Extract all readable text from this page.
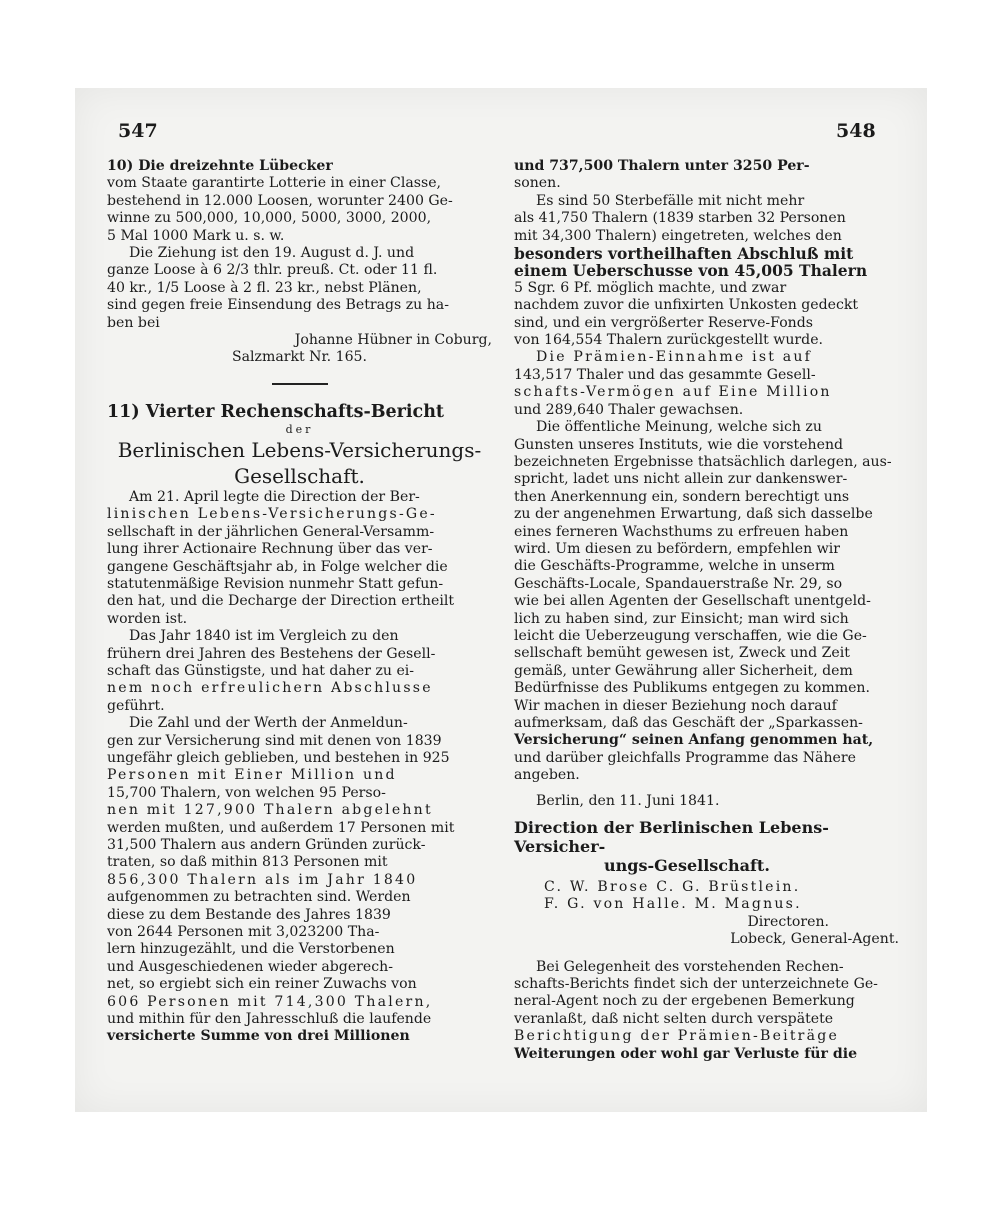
547	548

10) Die dreizehnte Lübecker

vom Staate garantirte Lotterie in einer Classe,

bestehend in 12.000 Loosen, worunter 2400 Ge-

winne zu 500,000, 10,000, 5000, 3000, 2000,

5 Mal 1000 Mark u. s. w.

Die Ziehung ist den 19. August d. J. und

ganze Loose à 6 2/3 thlr. preuß. Ct. oder 11 fl.

40 kr., 1/5 Loose à 2 fl. 23 kr., nebst Plänen,

sind gegen freie Einsendung des Betrags zu ha-

ben bei

Johanne Hübner in Coburg,

Salzmarkt Nr. 165.

11) Vierter Rechenschafts-Bericht

der

Berlinischen Lebens-Versicherungs-

Gesellschaft.

Am 21. April legte die Direction der Ber-

linischen Lebens-Versicherungs-Ge-

sellschaft in der jährlichen General-Versamm-

lung ihrer Actionaire Rechnung über das ver-

gangene Geschäftsjahr ab, in Folge welcher die

statutenmäßige Revision nunmehr Statt gefun-

den hat, und die Decharge der Direction ertheilt

worden ist.

Das Jahr 1840 ist im Vergleich zu den

frühern drei Jahren des Bestehens der Gesell-

schaft das Günstigste, und hat daher zu ei-

nem noch erfreulichern Abschlusse

geführt.

Die Zahl und der Werth der Anmeldun-

gen zur Versicherung sind mit denen von 1839

ungefähr gleich geblieben, und bestehen in 925

Personen mit Einer Million und

15,700 Thalern, von welchen 95 Perso-

nen mit 127,900 Thalern abgelehnt

werden mußten, und außerdem 17 Personen mit

31,500 Thalern aus andern Gründen zurück-

traten, so daß mithin 813 Personen mit

856,300 Thalern als im Jahr 1840

aufgenommen zu betrachten sind. Werden

diese zu dem Bestande des Jahres 1839

von 2644 Personen mit 3,023200 Tha-

lern hinzugezählt, und die Verstorbenen

und Ausgeschiedenen wieder abgerech-

net, so ergiebt sich ein reiner Zuwachs von

606 Personen mit 714,300 Thalern,

und mithin für den Jahresschluß die laufende

versicherte Summe von drei Millionen

und 737,500 Thalern unter 3250 Per-

sonen.

Es sind 50 Sterbefälle mit nicht mehr

als 41,750 Thalern (1839 starben 32 Personen

mit 34,300 Thalern) eingetreten, welches den

besonders vortheilhaften Abschluß mit

einem Ueberschusse von 45,005 Thalern

5 Sgr. 6 Pf. möglich machte, und zwar

nachdem zuvor die unfixirten Unkosten gedeckt

sind, und ein vergrößerter Reserve-Fonds

von 164,554 Thalern zurückgestellt wurde.

Die Prämien-Einnahme ist auf

143,517 Thaler und das gesammte Gesell-

schafts-Vermögen auf Eine Million

und 289,640 Thaler gewachsen.

Die öffentliche Meinung, welche sich zu

Gunsten unseres Instituts, wie die vorstehend

bezeichneten Ergebnisse thatsächlich darlegen, aus-

spricht, ladet uns nicht allein zur dankenswer-

then Anerkennung ein, sondern berechtigt uns

zu der angenehmen Erwartung, daß sich dasselbe

eines ferneren Wachsthums zu erfreuen haben

wird. Um diesen zu befördern, empfehlen wir

die Geschäfts-Programme, welche in unserm

Geschäfts-Locale, Spandauerstraße Nr. 29, so

wie bei allen Agenten der Gesellschaft unentgeld-

lich zu haben sind, zur Einsicht; man wird sich

leicht die Ueberzeugung verschaffen, wie die Ge-

sellschaft bemüht gewesen ist, Zweck und Zeit

gemäß, unter Gewährung aller Sicherheit, dem

Bedürfnisse des Publikums entgegen zu kommen.

Wir machen in dieser Beziehung noch darauf

aufmerksam, daß das Geschäft der „Sparkassen-

Versicherung“ seinen Anfang genommen hat,

und darüber gleichfalls Programme das Nähere

angeben.

Berlin, den 11. Juni 1841.

Direction der Berlinischen Lebens-Versicher-

ungs-Gesellschaft.

C. W. Brose C. G. Brüstlein.

F. G. von Halle. M. Magnus.

Directoren.

Lobeck, General-Agent.

Bei Gelegenheit des vorstehenden Rechen-

schafts-Berichts findet sich der unterzeichnete Ge-

neral-Agent noch zu der ergebenen Bemerkung

veranlaßt, daß nicht selten durch verspätete

Berichtigung der Prämien-Beiträge

Weiterungen oder wohl gar Verluste für die
